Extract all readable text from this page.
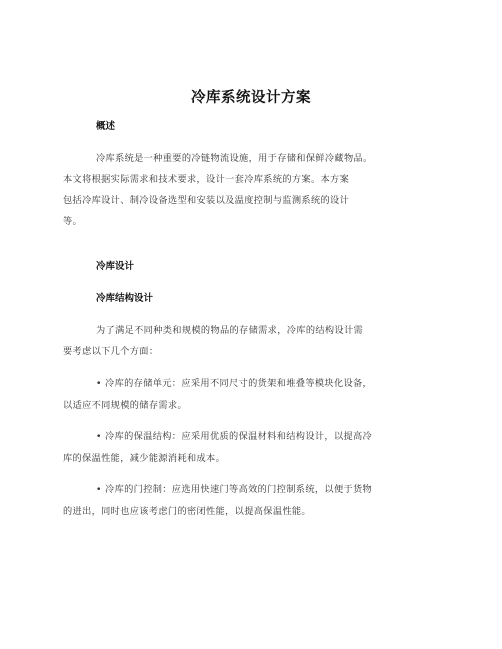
冷库系统设计方案
概述
冷库系统是一种重要的冷链物流设施，用于存储和保鲜冷藏物品。
本文将根据实际需求和技术要求，设计一套冷库系统的方案。本方案
包括冷库设计、制冷设备选型和安装以及温度控制与监测系统的设计
等。
冷库设计
冷库结构设计
为了满足不同种类和规模的物品的存储需求，冷库的结构设计需
要考虑以下几个方面：
• 冷库的存储单元：应采用不同尺寸的货架和堆叠等模块化设备，
以适应不同规模的储存需求。
• 冷库的保温结构：应采用优质的保温材料和结构设计，以提高冷
库的保温性能，减少能源消耗和成本。
• 冷库的门控制：应选用快速门等高效的门控制系统，以便于货物
的进出，同时也应该考虑门的密闭性能，以提高保温性能。
